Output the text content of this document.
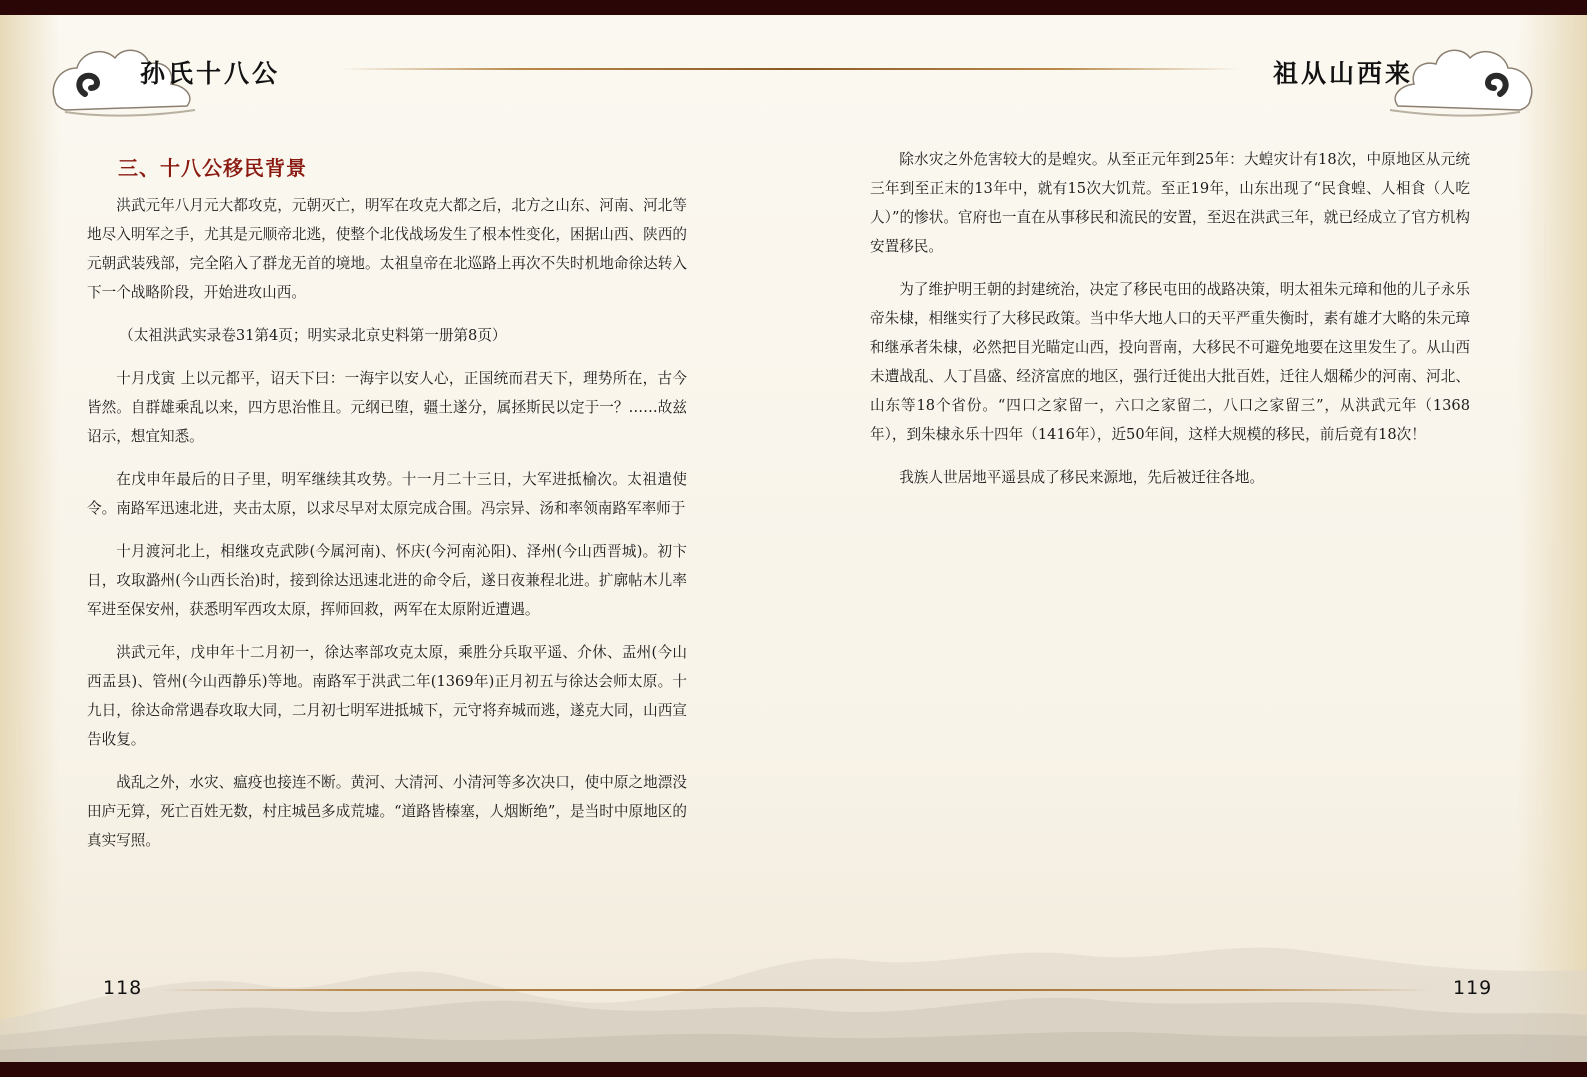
孙氏十八公	祖从山西来
三、十八公移民背景

洪武元年八月元大都攻克，元朝灭亡，明军在攻克大都之后，北方之山东、河南、河北等地尽入明军之手，尤其是元顺帝北逃，使整个北伐战场发生了根本性变化，困据山西、陕西的元朝武装残部，完全陷入了群龙无首的境地。太祖皇帝在北巡路上再次不失时机地命徐达转入下一个战略阶段，开始进攻山西。

（太祖洪武实录卷31第4页；明实录北京史料第一册第8页）

十月戊寅 上以元都平，诏天下曰：一海宇以安人心，正国统而君天下，理势所在，古今皆然。自群雄乘乱以来，四方思治惟且。元纲已堕，疆土遂分，属拯斯民以定于一？……故兹诏示，想宜知悉。

在戊申年最后的日子里，明军继续其攻势。十一月二十三日，大军进抵榆次。太祖遣使令。南路军迅速北进，夹击太原，以求尽早对太原完成合围。冯宗异、汤和率领南路军率师于

十月渡河北上，相继攻克武陟(今属河南)、怀庆(今河南沁阳)、泽州(今山西晋城)。初卞日，攻取潞州(今山西长治)时，接到徐达迅速北进的命令后，遂日夜兼程北进。扩廓帖木儿率军进至保安州，获悉明军西攻太原，挥师回救，两军在太原附近遭遇。

洪武元年，戊申年十二月初一，徐达率部攻克太原，乘胜分兵取平遥、介休、盂州(今山西盂县)、管州(今山西静乐)等地。南路军于洪武二年(1369年)正月初五与徐达会师太原。十九日，徐达命常遇春攻取大同，二月初七明军进抵城下，元守将弃城而逃，遂克大同，山西宣告收复。

战乱之外，水灾、瘟疫也接连不断。黄河、大清河、小清河等多次决口，使中原之地漂没田庐无算，死亡百姓无数，村庄城邑多成荒墟。“道路皆榛塞，人烟断绝”，是当时中原地区的真实写照。

除水灾之外危害较大的是蝗灾。从至正元年到25年：大蝗灾计有18次，中原地区从元统三年到至正末的13年中，就有15次大饥荒。至正19年，山东出现了“民食蝗、人相食（人吃人）”的惨状。官府也一直在从事移民和流民的安置，至迟在洪武三年，就已经成立了官方机构安置移民。

为了维护明王朝的封建统治，决定了移民屯田的战路决策，明太祖朱元璋和他的儿子永乐帝朱棣，相继实行了大移民政策。当中华大地人口的天平严重失衡时，素有雄才大略的朱元璋和继承者朱棣，必然把目光瞄定山西，投向晋南，大移民不可避免地要在这里发生了。从山西未遭战乱、人丁昌盛、经济富庶的地区，强行迁徙出大批百姓，迁往人烟稀少的河南、河北、山东等18个省份。“四口之家留一，六口之家留二，八口之家留三”，从洪武元年（1368年），到朱棣永乐十四年（1416年），近50年间，这样大规模的移民，前后竟有18次！

我族人世居地平遥县成了移民来源地，先后被迁往各地。

118	119
